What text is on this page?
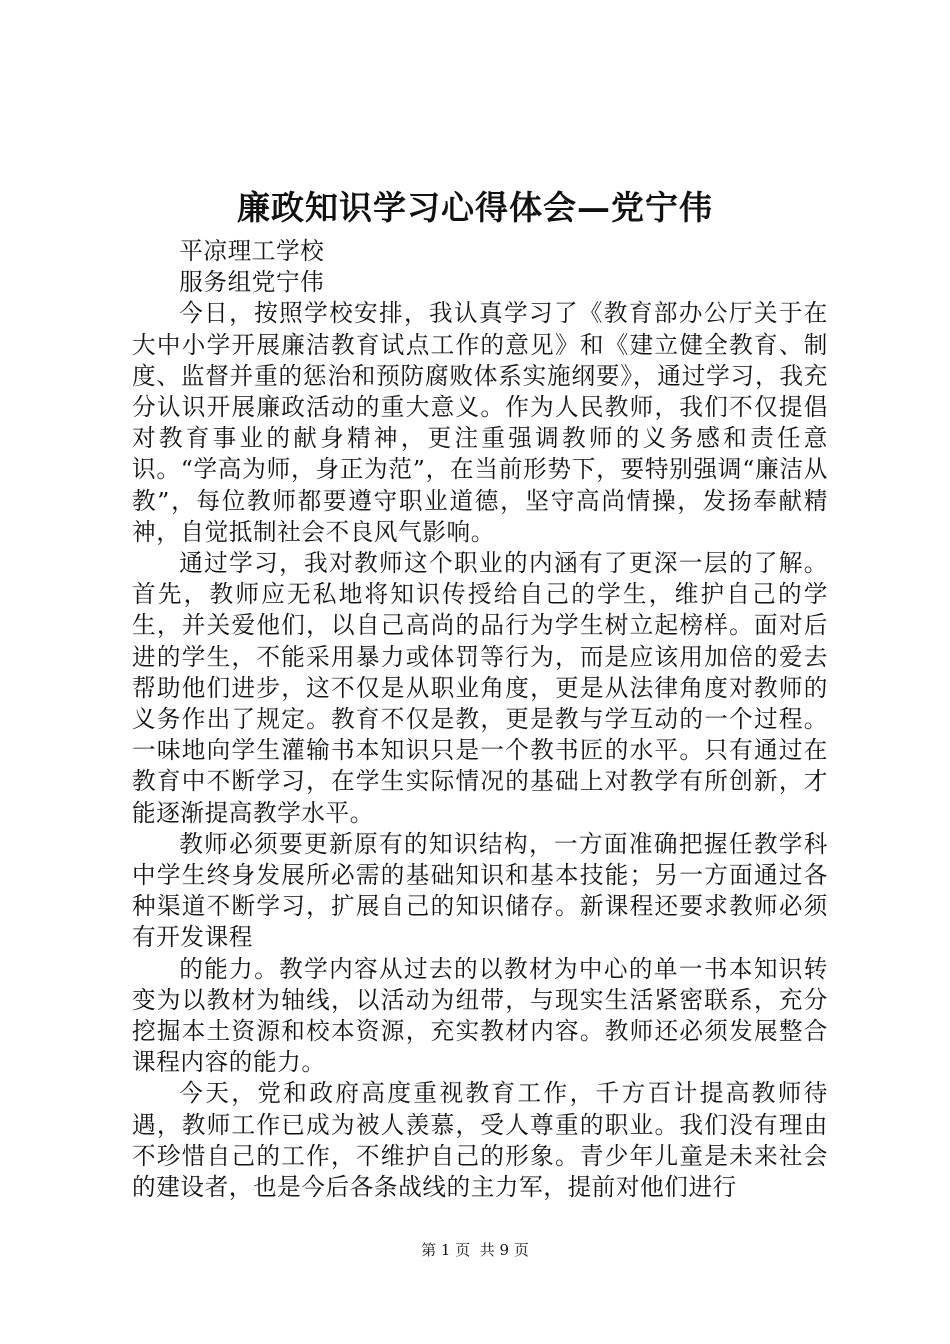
廉政知识学习心得体会—党宁伟

平凉理工学校

服务组党宁伟

今日，按照学校安排，我认真学习了《教育部办公厅关于在大中小学开展廉洁教育试点工作的意见》和《建立健全教育、制度、监督并重的惩治和预防腐败体系实施纲要》，通过学习，我充分认识开展廉政活动的重大意义。作为人民教师，我们不仅提倡对教育事业的献身精神，更注重强调教师的义务感和责任意识。“学高为师，身正为范”，在当前形势下，要特别强调“廉洁从教”，每位教师都要遵守职业道德，坚守高尚情操，发扬奉献精神，自觉抵制社会不良风气影响。

通过学习，我对教师这个职业的内涵有了更深一层的了解。首先，教师应无私地将知识传授给自己的学生，维护自己的学生，并关爱他们，以自己高尚的品行为学生树立起榜样。面对后进的学生，不能采用暴力或体罚等行为，而是应该用加倍的爱去帮助他们进步，这不仅是从职业角度，更是从法律角度对教师的义务作出了规定。教育不仅是教，更是教与学互动的一个过程。一味地向学生灌输书本知识只是一个教书匠的水平。只有通过在教育中不断学习，在学生实际情况的基础上对教学有所创新，才能逐渐提高教学水平。

教师必须要更新原有的知识结构，一方面准确把握任教学科中学生终身发展所必需的基础知识和基本技能；另一方面通过各种渠道不断学习，扩展自己的知识储存。新课程还要求教师必须有开发课程

的能力。教学内容从过去的以教材为中心的单一书本知识转变为以教材为轴线，以活动为纽带，与现实生活紧密联系，充分挖掘本土资源和校本资源，充实教材内容。教师还必须发展整合课程内容的能力。

今天，党和政府高度重视教育工作，千方百计提高教师待遇，教师工作已成为被人羡慕，受人尊重的职业。我们没有理由不珍惜自己的工作，不维护自己的形象。青少年儿童是未来社会的建设者，也是今后各条战线的主力军，提前对他们进行

第 1 页  共 9 页
